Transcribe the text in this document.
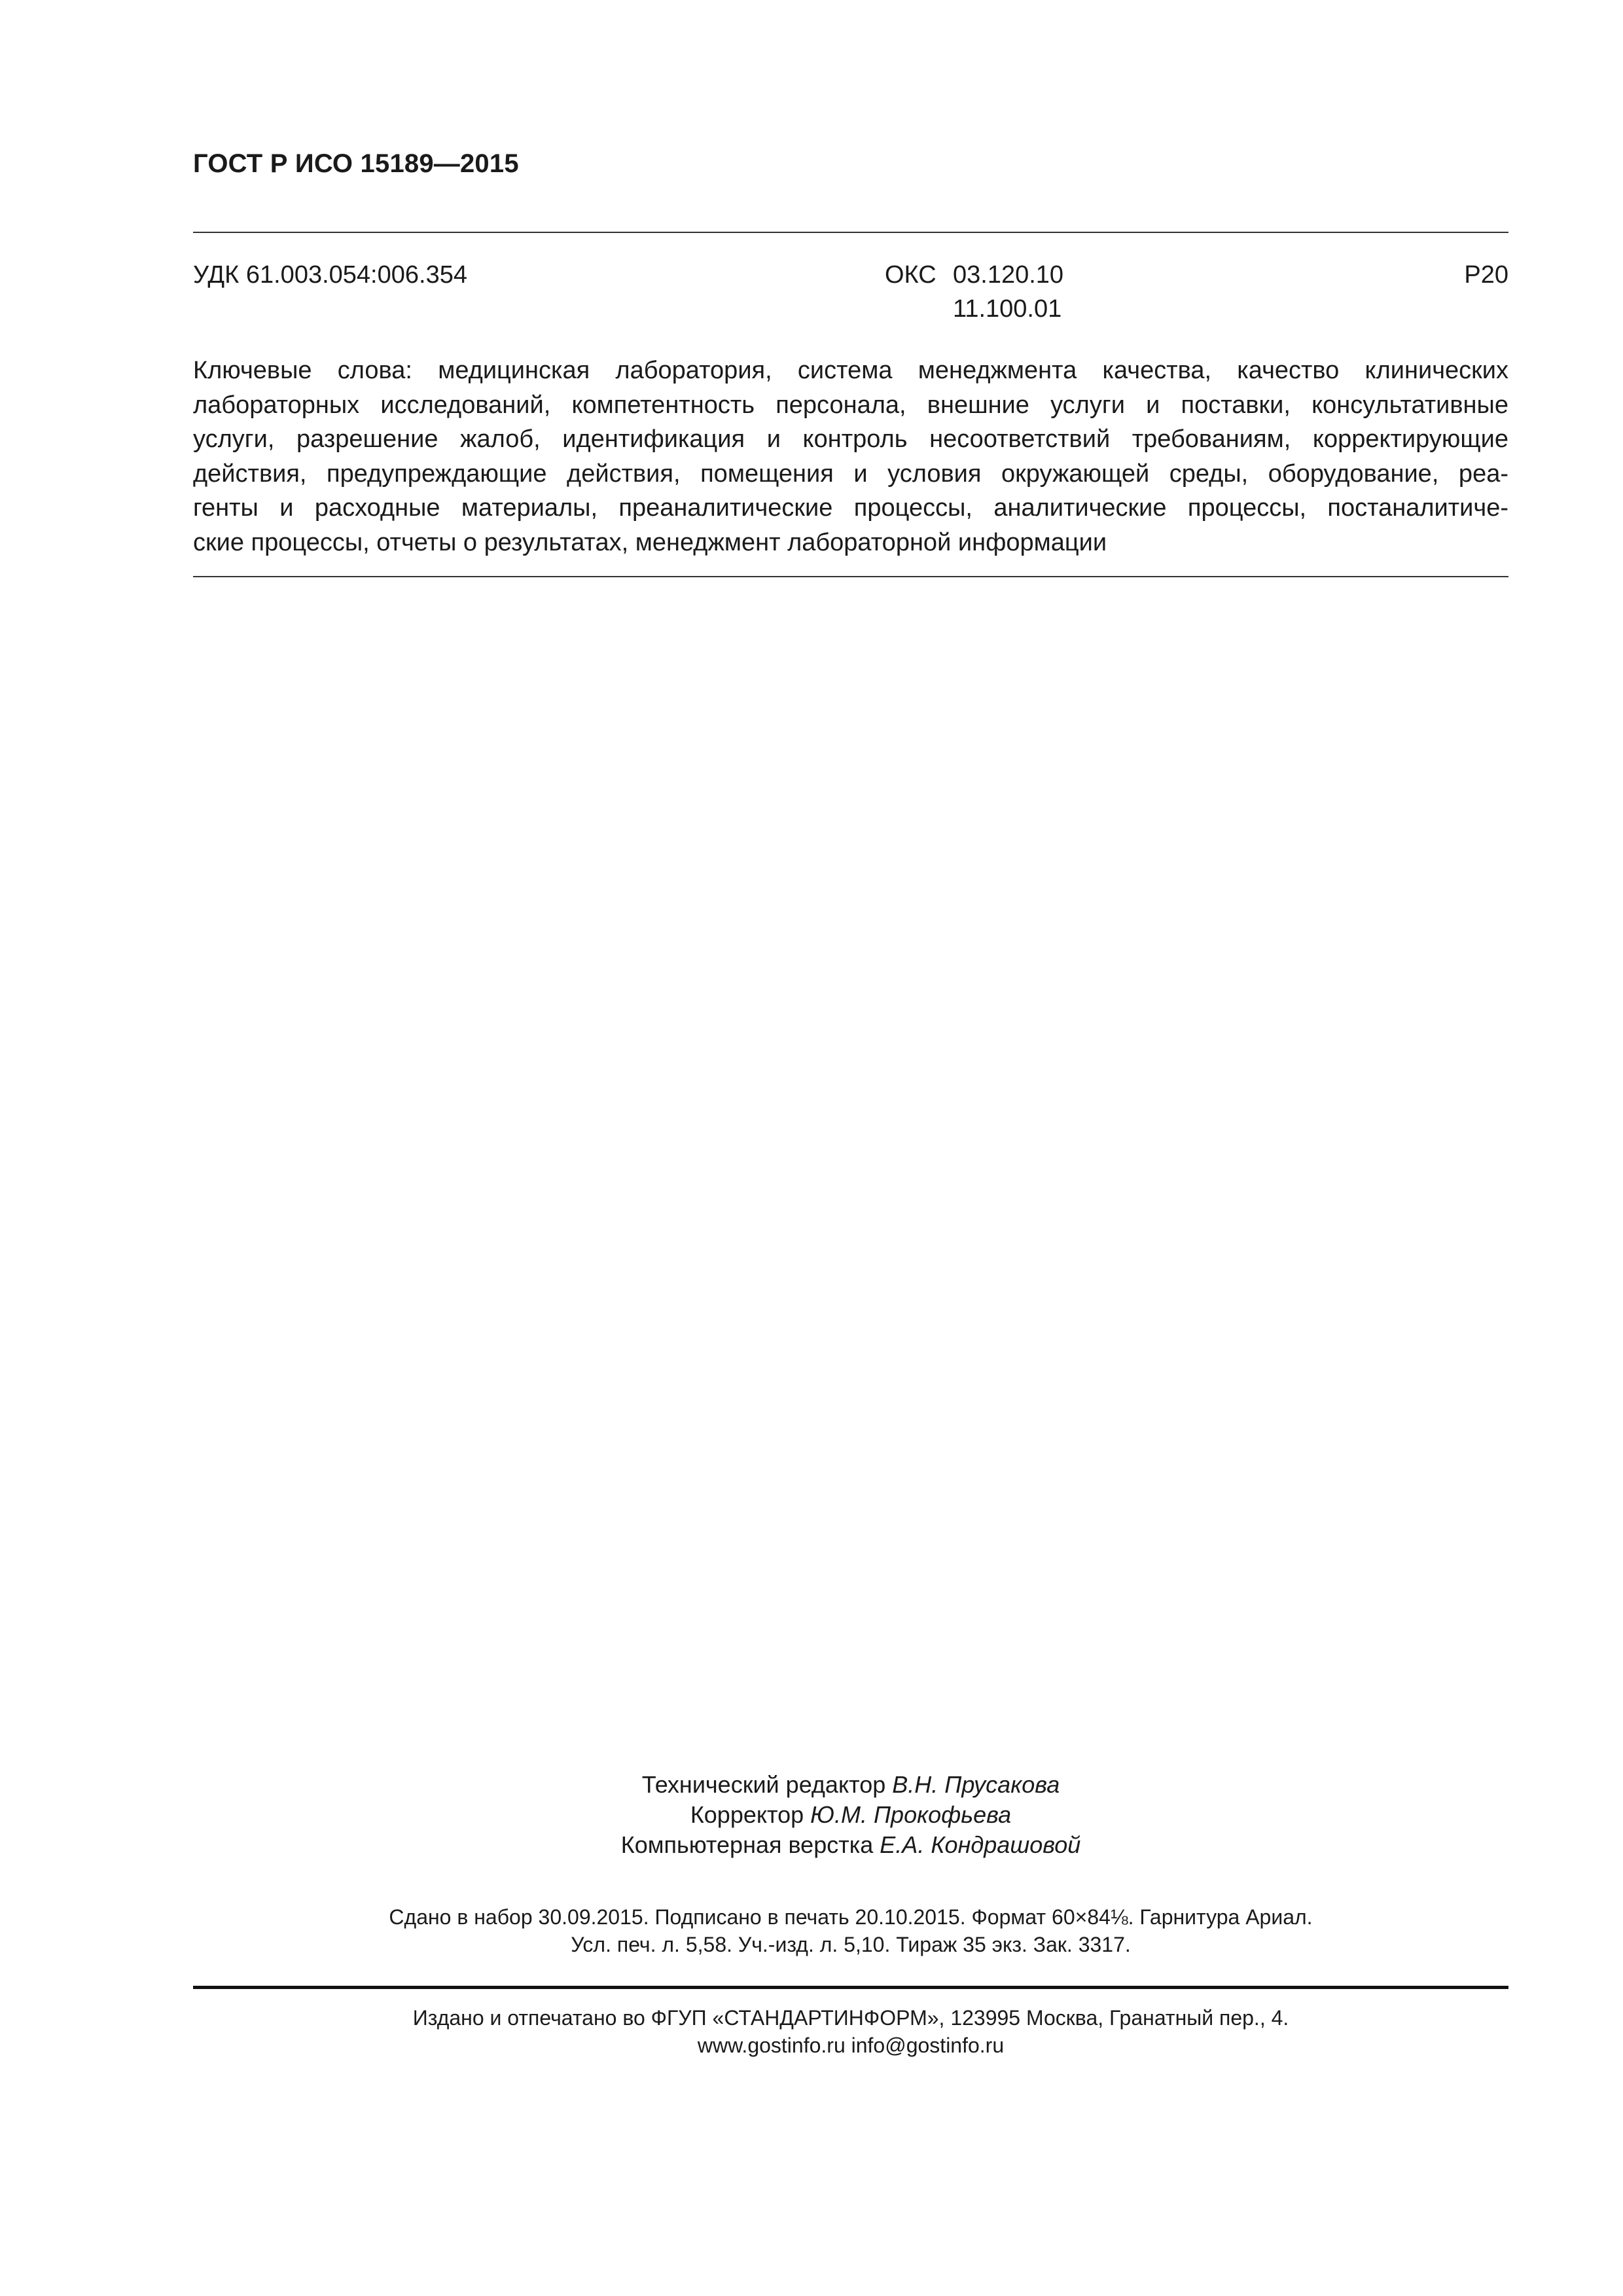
ГОСТ Р ИСО 15189—2015
УДК 61.003.054:006.354	ОКС 03.120.10
11.100.01
Р20
Ключевые слова: медицинская лаборатория, система менеджмента качества, качество клинических
лабораторных исследований, компетентность персонала, внешние услуги и поставки, консультативные
услуги, разрешение жалоб, идентификация и контроль несоответствий требованиям, корректирующие
действия, предупреждающие действия, помещения и условия окружающей среды, оборудование, реа-
генты и расходные материалы, преаналитические процессы, аналитические процессы, постаналитиче-
ские процессы, отчеты о результатах, менеджмент лабораторной информации
Технический редактор В.Н. Прусакова
Корректор Ю.М. Прокофьева
Компьютерная верстка Е.А. Кондрашовой
Сдано в набор 30.09.2015. Подписано в печать 20.10.2015. Формат 60×84⅛. Гарнитура Ариал.
Усл. печ. л. 5,58. Уч.-изд. л. 5,10. Тираж 35 экз. Зак. 3317.
Издано и отпечатано во ФГУП «СТАНДАРТИНФОРМ», 123995 Москва, Гранатный пер., 4.
www.gostinfo.ru info@gostinfo.ru
